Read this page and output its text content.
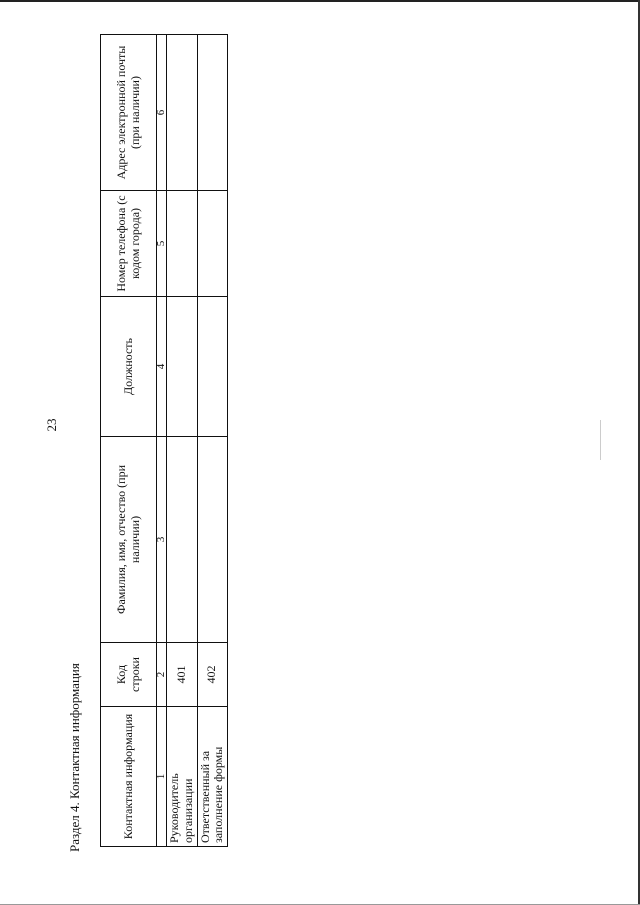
23
Раздел 4. Контактная информация	Контактная информация	Код строки	Фамилия, имя, отчество (при наличии)	Должность	Номер телефона (с кодом города)	Адрес электронной почты (при наличии)
1	2	3	4	5	6
Руководитель организации	401				
Ответственный за заполнение формы	402				
